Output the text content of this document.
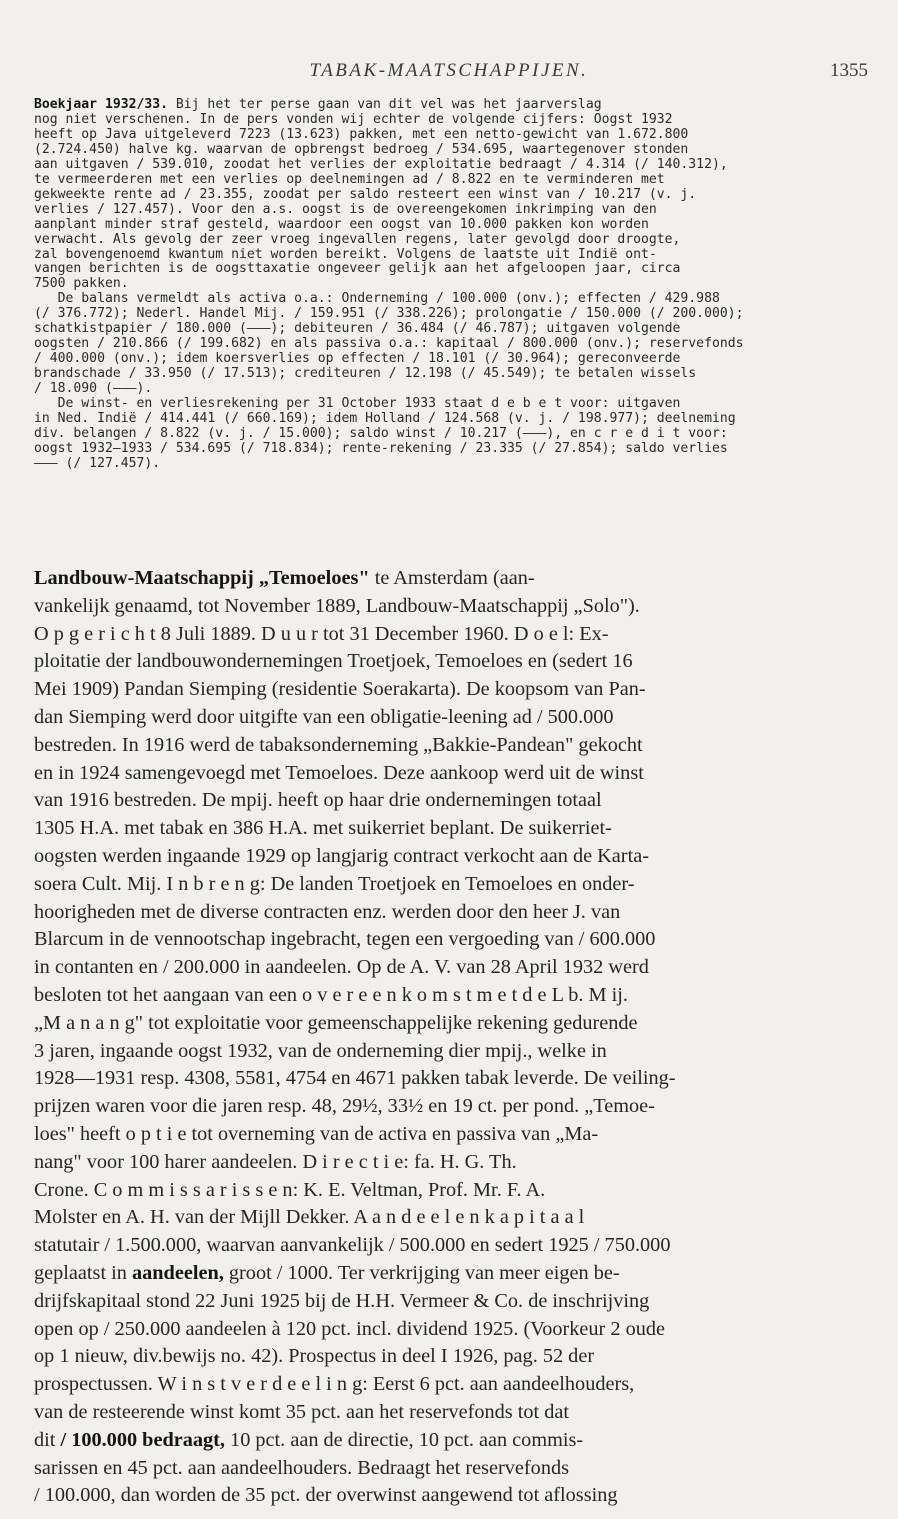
TABAK-MAATSCHAPPIJEN.	1355
Boekjaar 1932/33. Bij het ter perse gaan van dit vel was het jaarverslag
nog niet verschenen. In de pers vonden wij echter de volgende cijfers: Oogst 1932
heeft op Java uitgeleverd 7223 (13.623) pakken, met een netto-gewicht van 1.672.800
(2.724.450) halve kg. waarvan de opbrengst bedroeg / 534.695, waartegenover stonden
aan uitgaven / 539.010, zoodat het verlies der exploitatie bedraagt / 4.314 (/ 140.312),
te vermeerderen met een verlies op deelnemingen ad / 8.822 en te verminderen met
gekweekte rente ad / 23.355, zoodat per saldo resteert een winst van / 10.217 (v. j.
verlies / 127.457). Voor den a.s. oogst is de overeengekomen inkrimping van den
aanplant minder straf gesteld, waardoor een oogst van 10.000 pakken kon worden
verwacht. Als gevolg der zeer vroeg ingevallen regens, later gevolgd door droogte,
zal bovengenoemd kwantum niet worden bereikt. Volgens de laatste uit Indië ont-
vangen berichten is de oogsttaxatie ongeveer gelijk aan het afgeloopen jaar, circa
7500 pakken.
De balans vermeldt als activa o.a.: Onderneming / 100.000 (onv.); effecten / 429.988
(/ 376.772); Nederl. Handel Mij. / 159.951 (/ 338.226); prolongatie / 150.000 (/ 200.000);
schatkistpapier / 180.000 (———); debiteuren / 36.484 (/ 46.787); uitgaven volgende
oogsten / 210.866 (/ 199.682) en als passiva o.a.: kapitaal / 800.000 (onv.); reservefonds
/ 400.000 (onv.); idem koersverlies op effecten / 18.101 (/ 30.964); gereconveerde
brandschade / 33.950 (/ 17.513); crediteuren / 12.198 (/ 45.549); te betalen wissels
/ 18.090 (———).
De winst- en verliesrekening per 31 October 1933 staat d e b e t voor: uitgaven
in Ned. Indië / 414.441 (/ 660.169); idem Holland / 124.568 (v. j. / 198.977); deelneming
div. belangen / 8.822 (v. j. / 15.000); saldo winst / 10.217 (———), en c r e d i t voor:
oogst 1932—1933 / 534.695 (/ 718.834); rente-rekening / 23.335 (/ 27.854); saldo verlies
——— (/ 127.457).
Landbouw-Maatschappij „Temoeloes" te Amsterdam (aan-
vankelijk genaamd, tot November 1889, Landbouw-Maatschappij „Solo").
O p g e r i c h t 8 Juli 1889. D u u r tot 31 December 1960. D o e l: Ex-
ploitatie der landbouwondernemingen Troetjoek, Temoeloes en (sedert 16
Mei 1909) Pandan Siemping (residentie Soerakarta). De koopsom van Pan-
dan Siemping werd door uitgifte van een obligatie-leening ad / 500.000
bestreden. In 1916 werd de tabaksonderneming „Bakkie-Pandean" gekocht
en in 1924 samengevoegd met Temoeloes. Deze aankoop werd uit de winst
van 1916 bestreden. De mpij. heeft op haar drie ondernemingen totaal
1305 H.A. met tabak en 386 H.A. met suikerriet beplant. De suikerriet-
oogsten werden ingaande 1929 op langjarig contract verkocht aan de Karta-
soera Cult. Mij. I n b r e n g: De landen Troetjoek en Temoeloes en onder-
hoorigheden met de diverse contracten enz. werden door den heer J. van
Blarcum in de vennootschap ingebracht, tegen een vergoeding van / 600.000
in contanten en / 200.000 in aandeelen. Op de A. V. van 28 April 1932 werd
besloten tot het aangaan van een o v e r e e n k o m s t m e t d e L b. M ij.
„M a n a n g" tot exploitatie voor gemeenschappelijke rekening gedurende
3 jaren, ingaande oogst 1932, van de onderneming dier mpij., welke in
1928—1931 resp. 4308, 5581, 4754 en 4671 pakken tabak leverde. De veiling-
prijzen waren voor die jaren resp. 48, 29½, 33½ en 19 ct. per pond. „Temoe-
loes" heeft o p t i e tot overneming van de activa en passiva van „Ma-
nang" voor 100 harer aandeelen. D i r e c t i e: fa. H. G. Th.
Crone. C o m m i s s a r i s s e n: K. E. Veltman, Prof. Mr. F. A.
Molster en A. H. van der Mijll Dekker. A a n d e e l e n k a p i t a a l
statutair / 1.500.000, waarvan aanvankelijk / 500.000 en sedert 1925 / 750.000
geplaatst in aandeelen, groot / 1000. Ter verkrijging van meer eigen be-
drijfskapitaal stond 22 Juni 1925 bij de H.H. Vermeer & Co. de inschrijving
open op / 250.000 aandeelen à 120 pct. incl. dividend 1925. (Voorkeur 2 oude
op 1 nieuw, div.bewijs no. 42). Prospectus in deel I 1926, pag. 52 der
prospectussen. W i n s t v e r d e e l i n g: Eerst 6 pct. aan aandeelhouders,
van de resteerende winst komt 35 pct. aan het reservefonds tot dat
dit / 100.000 bedraagt, 10 pct. aan de directie, 10 pct. aan commis-
sarissen en 45 pct. aan aandeelhouders. Bedraagt het reservefonds
/ 100.000, dan worden de 35 pct. der overwinst aangewend tot aflossing
